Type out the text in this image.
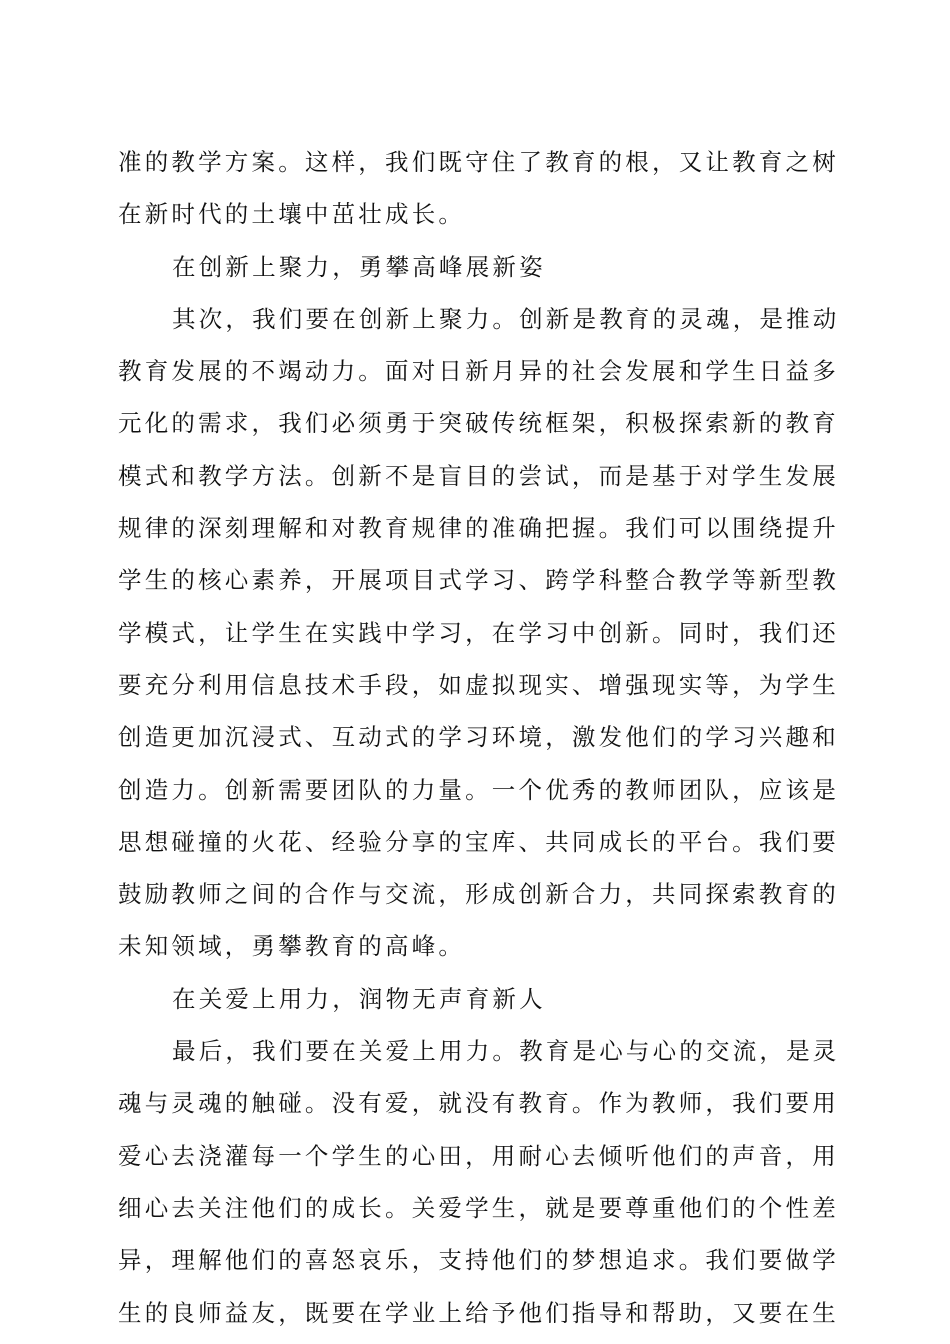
准的教学方案。这样，我们既守住了教育的根，又让教育之树
在新时代的土壤中茁壮成长。
在创新上聚力，勇攀高峰展新姿
其次，我们要在创新上聚力。创新是教育的灵魂，是推动
教育发展的不竭动力。面对日新月异的社会发展和学生日益多
元化的需求，我们必须勇于突破传统框架，积极探索新的教育
模式和教学方法。创新不是盲目的尝试，而是基于对学生发展
规律的深刻理解和对教育规律的准确把握。我们可以围绕提升
学生的核心素养，开展项目式学习、跨学科整合教学等新型教
学模式，让学生在实践中学习，在学习中创新。同时，我们还
要充分利用信息技术手段，如虚拟现实、增强现实等，为学生
创造更加沉浸式、互动式的学习环境，激发他们的学习兴趣和
创造力。创新需要团队的力量。一个优秀的教师团队，应该是
思想碰撞的火花、经验分享的宝库、共同成长的平台。我们要
鼓励教师之间的合作与交流，形成创新合力，共同探索教育的
未知领域，勇攀教育的高峰。
在关爱上用力，润物无声育新人
最后，我们要在关爱上用力。教育是心与心的交流，是灵
魂与灵魂的触碰。没有爱，就没有教育。作为教师，我们要用
爱心去浇灌每一个学生的心田，用耐心去倾听他们的声音，用
细心去关注他们的成长。关爱学生，就是要尊重他们的个性差
异，理解他们的喜怒哀乐，支持他们的梦想追求。我们要做学
生的良师益友，既要在学业上给予他们指导和帮助，又要在生
